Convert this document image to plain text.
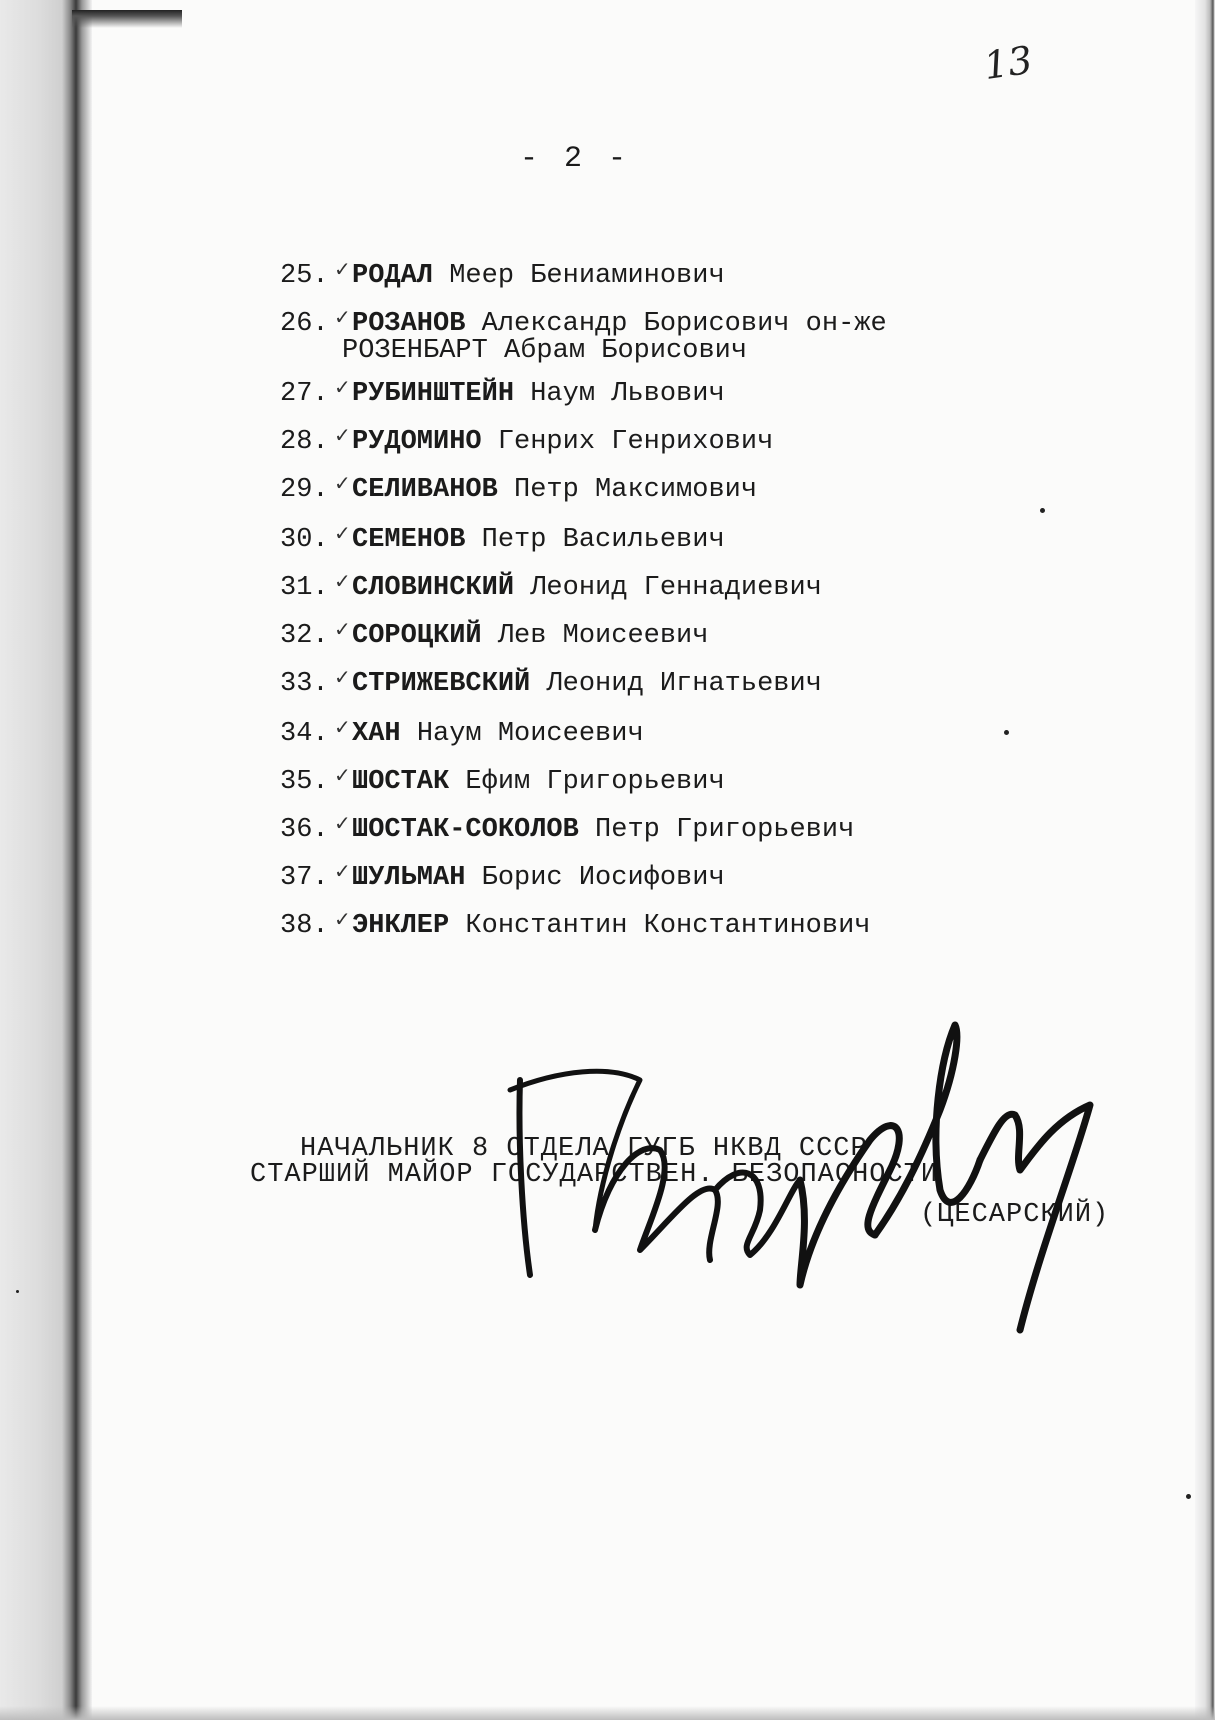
13
- 2 -
25. ✓РОДАЛ Меер Бениаминович
26. ✓РОЗАНОВ Александр Борисович он-же
РОЗЕНБАРТ Абрам Борисович
27. ✓РУБИНШТЕЙН Наум Львович
28. ✓РУДОМИНО Генрих Генрихович
29. ✓СЕЛИВАНОВ Петр Максимович
30. ✓СЕМЕНОВ Петр Васильевич
31. ✓СЛОВИНСКИЙ Леонид Геннадиевич
32. ✓СОРОЦКИЙ Лев Моисеевич
33. ✓СТРИЖЕВСКИЙ Леонид Игнатьевич
34. ✓ХАН Наум Моисеевич
35. ✓ШОСТАК Ефим Григорьевич
36. ✓ШОСТАК-СОКОЛОВ Петр Григорьевич
37. ✓ШУЛЬМАН Борис Иосифович
38. ✓ЭНКЛЕР Константин Константинович
НАЧАЛЬНИК 8 ОТДЕЛА ГУГБ НКВД СССР
СТАРШИЙ МАЙОР ГОСУДАРСТВЕН. БЕЗОПАСНОСТИ
(ЦЕСАРСКИЙ)
